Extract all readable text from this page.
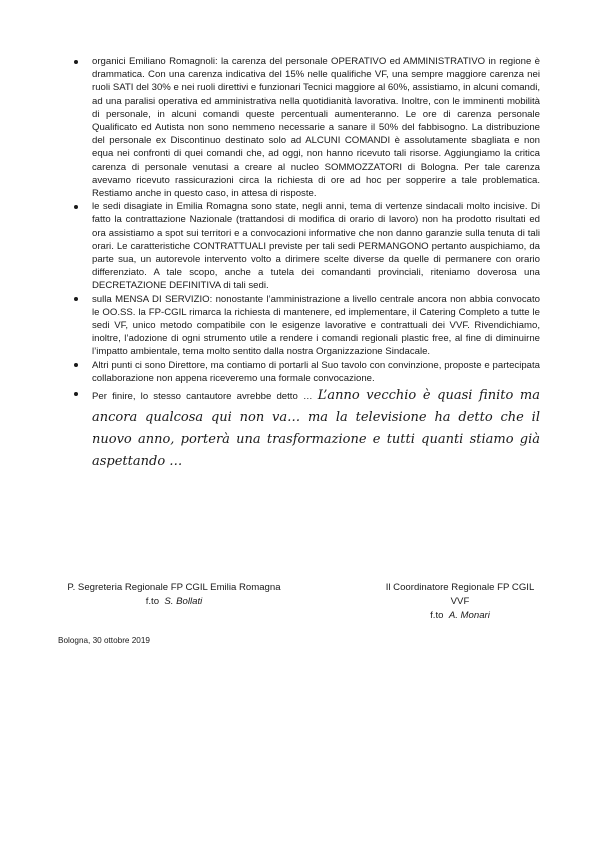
organici Emiliano Romagnoli: la carenza del personale OPERATIVO ed AMMINISTRATIVO in regione è drammatica. Con una carenza indicativa del 15% nelle qualifiche VF, una sempre maggiore carenza nei ruoli SATI del 30% e nei ruoli direttivi e funzionari Tecnici maggiore al 60%, assistiamo, in alcuni comandi, ad una paralisi operativa ed amministrativa nella quotidianità lavorativa. Inoltre, con le imminenti mobilità di personale, in alcuni comandi queste percentuali aumenteranno. Le ore di carenza personale Qualificato ed Autista non sono nemmeno necessarie a sanare il 50% del fabbisogno. La distribuzione del personale ex Discontinuo destinato solo ad ALCUNI COMANDI è assolutamente sbagliata e non equa nei confronti di quei comandi che, ad oggi, non hanno ricevuto tali risorse. Aggiungiamo la critica carenza di personale venutasi a creare al nucleo SOMMOZZATORI di Bologna. Per tale carenza avevamo ricevuto rassicurazioni circa la richiesta di ore ad hoc per sopperire a tale problematica. Restiamo anche in questo caso, in attesa di risposte.
le sedi disagiate in Emilia Romagna sono state, negli anni, tema di vertenze sindacali molto incisive. Di fatto la contrattazione Nazionale (trattandosi di modifica di orario di lavoro) non ha prodotto risultati ed ora assistiamo a spot sui territori e a convocazioni informative che non danno garanzie sulla tenuta di tali orari. Le caratteristiche CONTRATTUALI previste per tali sedi PERMANGONO pertanto auspichiamo, da parte sua, un autorevole intervento volto a dirimere scelte diverse da quelle di permanere con orario differenziato. A tale scopo, anche a tutela dei comandanti provinciali, riteniamo doverosa una DECRETAZIONE DEFINITIVA di tali sedi.
sulla MENSA DI SERVIZIO: nonostante l’amministrazione a livello centrale ancora non abbia convocato le OO.SS. la FP-CGIL rimarca la richiesta di mantenere, ed implementare, il Catering Completo a tutte le sedi VF, unico metodo compatibile con le esigenze lavorative e contrattuali dei VVF. Rivendichiamo, inoltre, l’adozione di ogni strumento utile a rendere i comandi regionali plastic free, al fine di diminuirne l’impatto ambientale, tema molto sentito dalla nostra Organizzazione Sindacale.
Altri punti ci sono Direttore, ma contiamo di portarli al Suo tavolo con convinzione, proposte e partecipata collaborazione non appena riceveremo una formale convocazione.
Per finire, lo stesso cantautore avrebbe detto … L’anno vecchio è quasi finito ma ancora qualcosa qui non va… ma la televisione ha detto che il nuovo anno, porterà una trasformazione e tutti quanti stiamo già aspettando …
P. Segreteria Regionale FP CGIL Emilia Romagna
f.to S. Bollati
Il Coordinatore Regionale FP CGIL VVF
f.to A. Monari
Bologna, 30 ottobre 2019
